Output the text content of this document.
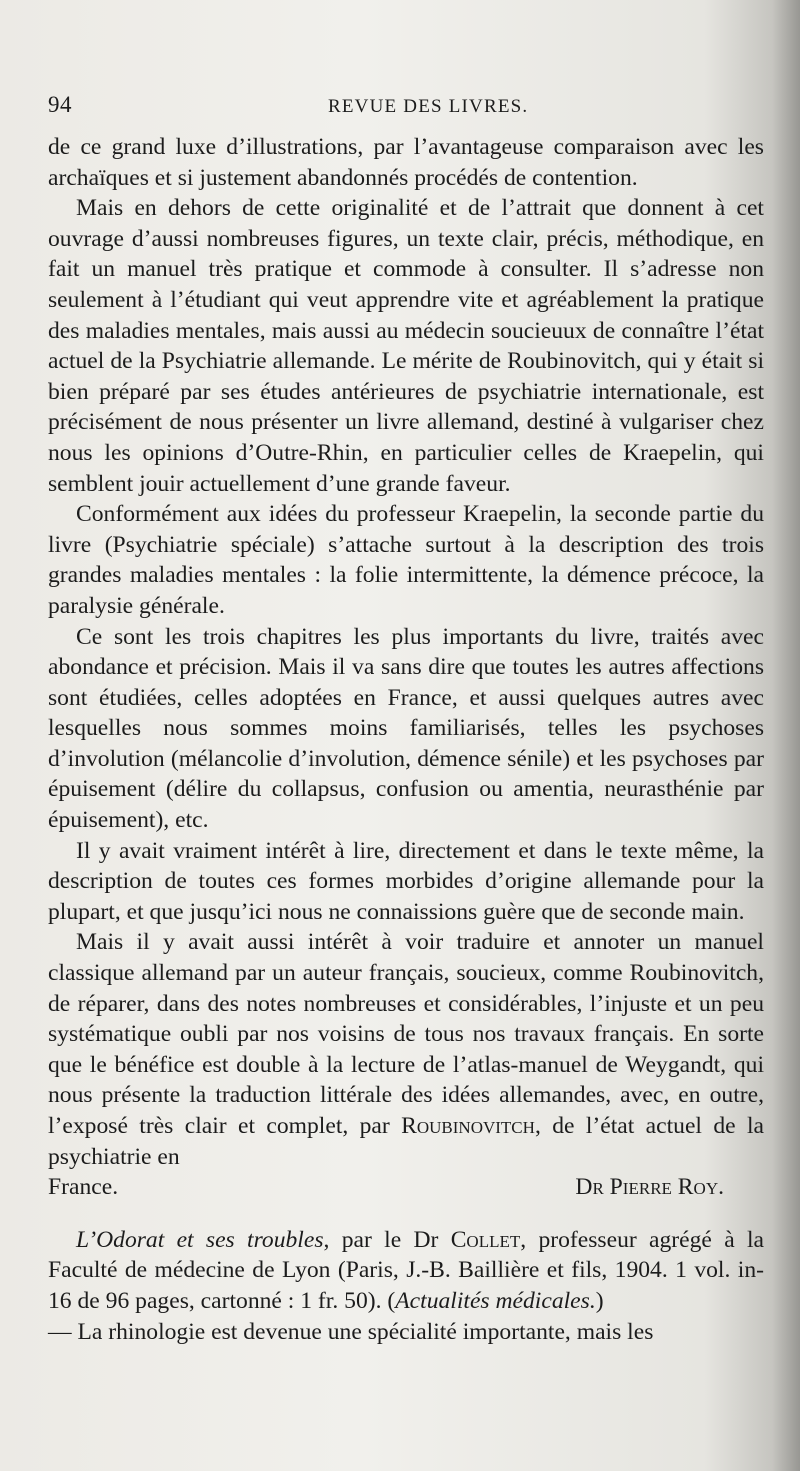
94	REVUE DES LIVRES.

de ce grand luxe d’illustrations, par l’avantageuse comparaison avec les archaïques et si justement abandonnés procédés de contention.

Mais en dehors de cette originalité et de l’attrait que donnent à cet ouvrage d’aussi nombreuses figures, un texte clair, précis, méthodique, en fait un manuel très pratique et commode à consulter. Il s’adresse non seulement à l’étudiant qui veut apprendre vite et agréablement la pratique des maladies mentales, mais aussi au médecin soucieuux de connaître l’état actuel de la Psychiatrie allemande. Le mérite de Roubinovitch, qui y était si bien préparé par ses études antérieures de psychiatrie internationale, est précisément de nous présenter un livre allemand, destiné à vulgariser chez nous les opinions d’Outre-Rhin, en particulier celles de Kraepelin, qui semblent jouir actuellement d’une grande faveur.

Conformément aux idées du professeur Kraepelin, la seconde partie du livre (Psychiatrie spéciale) s’attache surtout à la description des trois grandes maladies mentales : la folie intermittente, la démence précoce, la paralysie générale.

Ce sont les trois chapitres les plus importants du livre, traités avec abondance et précision. Mais il va sans dire que toutes les autres affections sont étudiées, celles adoptées en France, et aussi quelques autres avec lesquelles nous sommes moins familiarisés, telles les psychoses d’involution (mélancolie d’involution, démence sénile) et les psychoses par épuisement (délire du collapsus, confusion ou amentia, neurasthénie par épuisement), etc.

Il y avait vraiment intérêt à lire, directement et dans le texte même, la description de toutes ces formes morbides d’origine allemande pour la plupart, et que jusqu’ici nous ne connaissions guère que de seconde main.

Mais il y avait aussi intérêt à voir traduire et annoter un manuel classique allemand par un auteur français, soucieux, comme Roubinovitch, de réparer, dans des notes nombreuses et considérables, l’injuste et un peu systématique oubli par nos voisins de tous nos travaux français. En sorte que le bénéfice est double à la lecture de l’atlas-manuel de Weygandt, qui nous présente la traduction littérale des idées allemandes, avec, en outre, l’exposé très clair et complet, par Roubinovitch, de l’état actuel de la psychiatrie en

France.	Dr Pierre Roy.

L’Odorat et ses troubles, par le Dr Collet, professeur agrégé à la Faculté de médecine de Lyon (Paris, J.-B. Baillière et fils, 1904. 1 vol. in-16 de 96 pages, cartonné : 1 fr. 50). (Actualités médicales.)

— La rhinologie est devenue une spécialité importante, mais les
